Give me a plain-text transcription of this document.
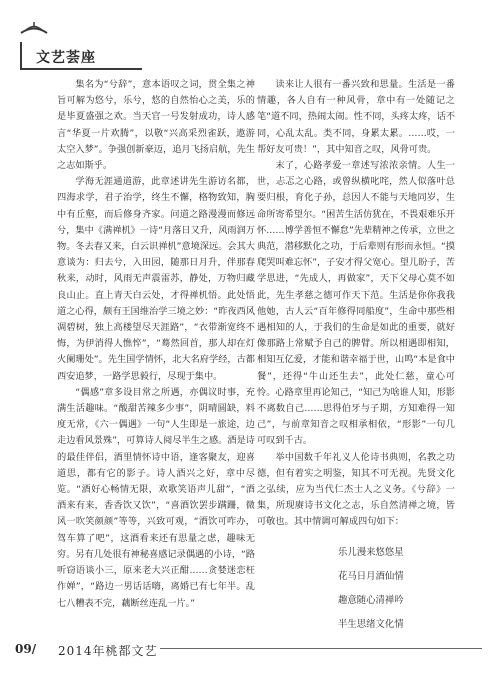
文艺荟座

集名为“兮辞”，意本语叹之词，贯全集之神旨可解为悠兮，乐兮，悠的自然怡心之美，乐的是毕夏盛强之欢。当天官一号发射成功，诗人感言“华夏一片欢腾”，以敬“兴高采烈雀跃，遨游太空入梦”。争强创新豪迈，追月飞扬启航，先生之志如斯乎。

学海无涯通道游，此章述讲先生游访名都，四海求学，君子治学，终生不懈，格物致知，胸中有丘壑，而后修身齐家。问道之路漫漫而修远兮，集中《满禅机》一诗“月落日又升，风雨润万物。冬去春又来，白云识禅机”意境深远。会其大意谈为：归去兮，入田园，随那日月升，伴那春秋来，动时，风雨无声震雷苏，静处，万物归藏良山止。直上青天白云处，才得禅机悟。此处悟道之心得，颇有王国维治学三境之妙：“昨夜西风凋碧树，独上高楼望尽天涯路”，“衣带渐宽终不悔，为伊消得人憔悴”，“蓦然回首，那人却在灯火阑珊处”。先生国学情怀，北大名府学经，古都西安追梦，一路学思毅行，尽现于集中。

“偶感”章多设目常之所遇，亦偶议时事，充满生活趣味。“酸甜苦辣多少事”，阴晴圆缺，料度无常，《六一偶遇》一句“人生即是一旅途，边走边看风景殊”，可算诗人阅尽半生之感。酒是诗的最佳伴侣，酒里情怀诗中语，逢客聚友，迎喜道思，都有它的影子。诗人酒兴之好，章中尽览。“酒好心畅情无限，欢歌笑语声儿甜”，“酒酒来有来，香香饮又饮”，“喜酒饮罢步蹒跚，微风一吹笑颜颜”等等，兴致可观，“酒饮可咋办，驾车算了吧”，这酒看来还有思量之虑，趣味无穷。另有几处很有神秘喜感记录偶遇的小诗，“路听窃语谈小三，原来老大兴正酣……贪婪迷恋枉作婵”，“路边一男话话嗨，离婚已有七年半。乱七八糟表不完，藕断丝连乱一片。”

读来让人很有一番兴致和思量。生活是一番情趣，各人自有一种风骨，章中有一处随记之笔“道不同，热闹太闹。性不同，头疼太疼，话不同，心乱太乱。类不同，身累太累。……哎，一帮好友可贵！”，其中知音之叹，风骨可贵。

末了，心路孝爱一章述写浓浓亲情。人生一世，忐忑之心路，或曾纵横叱咤，然人似落叶总要归根，育化子孙，总因人不能与天地同岁，生命所寄希望尔。“困苦生活仿犹在，不畏艰难乐开怀……博学善恒不懈怠”先辈精神之传承，立世之典范，潜移默化之功，于后辈则有形而永恒。“摸爬哭叫难忘怀”，子安才得父宽心。望儿盼子，苦学思进，“先成人，再做家”，天下父母心莫不如此，先生孝慈之德可作天下范。生活是你你我我他她，古人云“百年修得同船度”，生命中那些相遇相知的人，于我们的生命是如此的重要，就好像那路上常赋予自己的脾臂。所以相遇即相知，相知互亿爱，才能和谐幸福于世，山鸣“本是食中餐”，还得“牛山还生去”，此处仁慈，童心可怜。心路章里再论知己，“知己为啥谁人知，形影不离数自己……思得伯牙与子期，方知难得一知己”，与前章知音之叹相承相依，“形影”一句几可叹到千古。

举中国数千年礼义人伦诗书典则，名教之功德，但有着实之明鉴，知其不可无视。先贤文化之弘续，应为当代仁杰士人之义务。《兮辞》一集，所现赓诗书文化之志，乐自然清禅之境，皆可敬也。其中情调可解成四句如下：

乐儿漫来悠悠星
花马日月酒仙情
趣意随心清禅吟
半生思绪文化情
09/ 2014年桃都文艺
